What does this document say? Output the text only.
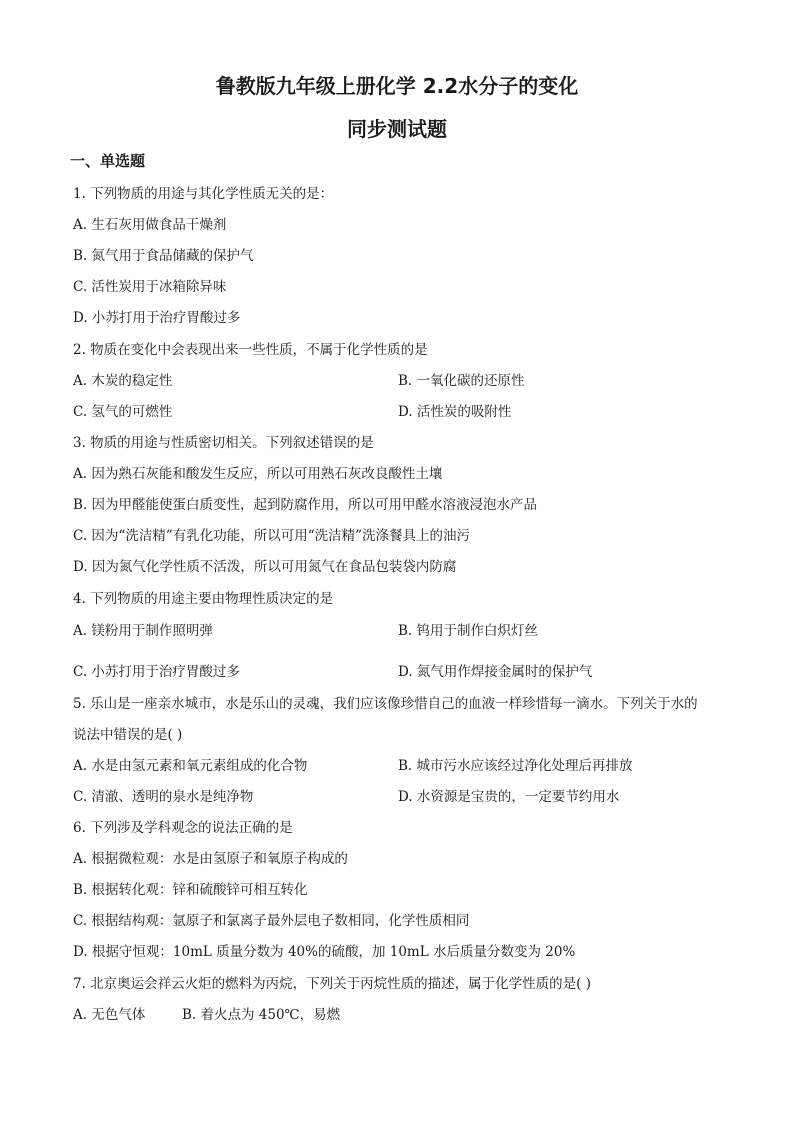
鲁教版九年级上册化学 2.2水分子的变化
同步测试题
一、单选题
1. 下列物质的用途与其化学性质无关的是：
A. 生石灰用做食品干燥剂
B. 氮气用于食品储藏的保护气
C. 活性炭用于冰箱除异味
D. 小苏打用于治疗胃酸过多
2. 物质在变化中会表现出来一些性质，不属于化学性质的是
A. 木炭的稳定性	B. 一氧化碳的还原性
C. 氢气的可燃性	D. 活性炭的吸附性
3. 物质的用途与性质密切相关。下列叙述错误的是
A. 因为熟石灰能和酸发生反应，所以可用熟石灰改良酸性土壤
B. 因为甲醛能使蛋白质变性，起到防腐作用，所以可用甲醛水溶液浸泡水产品
C. 因为“洗洁精”有乳化功能，所以可用“洗洁精”洗涤餐具上的油污
D. 因为氮气化学性质不活泼，所以可用氮气在食品包装袋内防腐
4. 下列物质的用途主要由物理性质决定的是
A. 镁粉用于制作照明弹	B. 钨用于制作白炽灯丝
C. 小苏打用于治疗胃酸过多	D. 氮气用作焊接金属时的保护气
5. 乐山是一座亲水城市，水是乐山的灵魂，我们应该像珍惜自己的血液一样珍惜每一滴水。下列关于水的
说法中错误的是( )
A. 水是由氢元素和氧元素组成的化合物	B. 城市污水应该经过净化处理后再排放
C. 清澈、透明的泉水是纯净物	D. 水资源是宝贵的，一定要节约用水
6. 下列涉及学科观念的说法正确的是
A. 根据微粒观：水是由氢原子和氧原子构成的
B. 根据转化观：锌和硫酸锌可相互转化
C. 根据结构观：氩原子和氯离子最外层电子数相同，化学性质相同
D. 根据守恒观：10mL 质量分数为 40%的硫酸，加 10mL 水后质量分数变为 20%
7. 北京奥运会祥云火炬的燃料为丙烷，下列关于丙烷性质的描述，属于化学性质的是( )
A. 无色气体	B. 着火点为 450℃，易燃
